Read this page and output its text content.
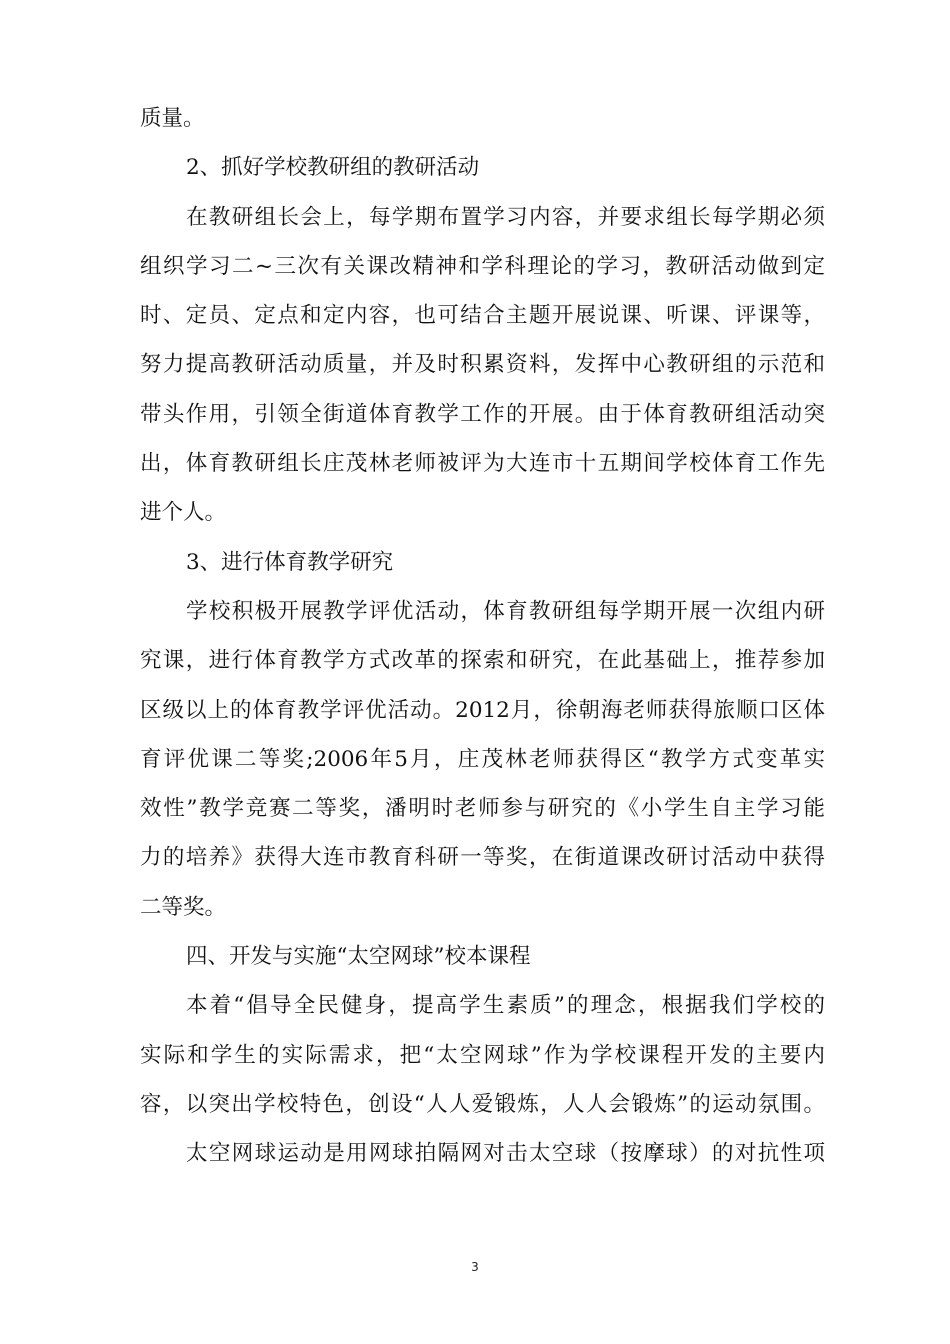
质量。
2、抓好学校教研组的教研活动
在教研组长会上，每学期布置学习内容，并要求组长每学期必须
组织学习二~三次有关课改精神和学科理论的学习，教研活动做到定
时、定员、定点和定内容，也可结合主题开展说课、听课、评课等，
努力提高教研活动质量，并及时积累资料，发挥中心教研组的示范和
带头作用，引领全街道体育教学工作的开展。由于体育教研组活动突
出，体育教研组长庄茂林老师被评为大连市十五期间学校体育工作先
进个人。
3、进行体育教学研究
学校积极开展教学评优活动，体育教研组每学期开展一次组内研
究课，进行体育教学方式改革的探索和研究，在此基础上，推荐参加
区级以上的体育教学评优活动。2012月，徐朝海老师获得旅顺口区体
育评优课二等奖;2006年5月，庄茂林老师获得区“教学方式变革实
效性”教学竞赛二等奖，潘明时老师参与研究的《小学生自主学习能
力的培养》获得大连市教育科研一等奖，在街道课改研讨活动中获得
二等奖。
四、开发与实施“太空网球”校本课程
本着“倡导全民健身，提高学生素质”的理念，根据我们学校的
实际和学生的实际需求，把“太空网球”作为学校课程开发的主要内
容，以突出学校特色，创设“人人爱锻炼，人人会锻炼”的运动氛围。
太空网球运动是用网球拍隔网对击太空球（按摩球）的对抗性项
3
